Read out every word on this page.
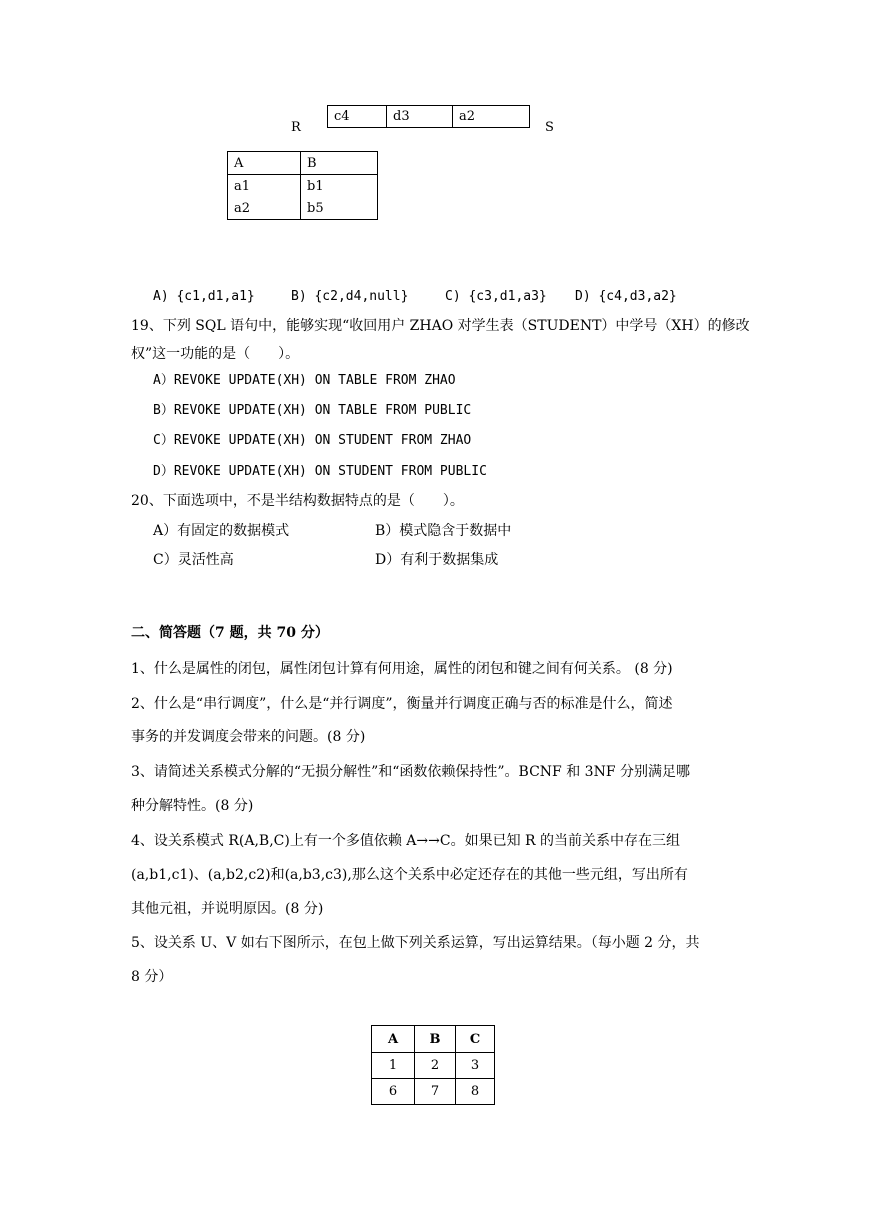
c4	d3	a2
R	S
A	B
a1	b1
a2	b5
A) {c1,d1,a1}	B) {c2,d4,null}	C) {c3,d1,a3} D) {c4,d3,a2}
19、下列 SQL 语句中，能够实现“收回用户 ZHAO 对学生表（STUDENT）中学号（XH）的修改
权”这一功能的是（　　）。
A）REVOKE UPDATE(XH) ON TABLE FROM ZHAO
B）REVOKE UPDATE(XH) ON TABLE FROM PUBLIC
C）REVOKE UPDATE(XH) ON STUDENT FROM ZHAO
D）REVOKE UPDATE(XH) ON STUDENT FROM PUBLIC
20、下面选项中，不是半结构数据特点的是（　　）。
A）有固定的数据模式	B）模式隐含于数据中
C）灵活性高	D）有利于数据集成
二、简答题（7 题，共 70 分）
1、什么是属性的闭包，属性闭包计算有何用途，属性的闭包和键之间有何关系。 (8 分)
2、什么是“串行调度”，什么是“并行调度”，衡量并行调度正确与否的标准是什么，简述
事务的并发调度会带来的问题。(8 分)
3、请简述关系模式分解的“无损分解性”和“函数依赖保持性”。BCNF 和 3NF 分别满足哪
种分解特性。(8 分)
4、设关系模式 R(A,B,C)上有一个多值依赖 A→→C。如果已知 R 的当前关系中存在三组
(a,b1,c1)、(a,b2,c2)和(a,b3,c3),那么这个关系中必定还存在的其他一些元组，写出所有
其他元祖，并说明原因。(8 分)
5、设关系 U、V 如右下图所示，在包上做下列关系运算，写出运算结果。（每小题 2 分，共
8 分）
A	B	C
1	2	3
6	7	8
